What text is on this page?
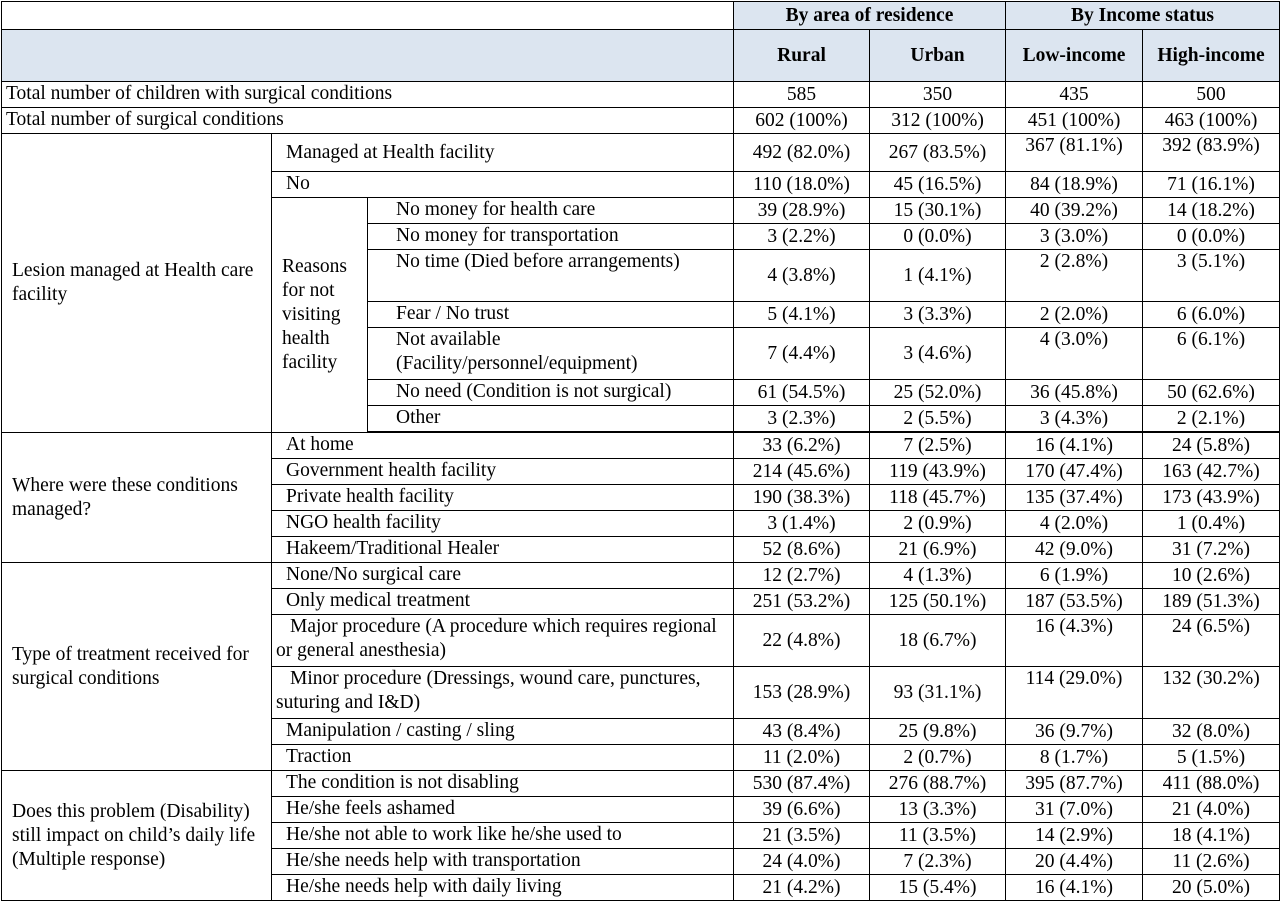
			By area of residence		By Income status	
			Rural	Urban	Low-income	High-income
Total number of children with surgical conditions			585	350	435	500
Total number of surgical conditions			602 (100%)	312 (100%)	451 (100%)	463 (100%)
Lesion managed at Health care facility	Managed at Health facility		492 (82.0%)	267 (83.5%)	367 (81.1%)	392 (83.9%)
	No		110 (18.0%)	45 (16.5%)	84 (18.9%)	71 (16.1%)
	Reasons for not visiting health facility	No money for health care	39 (28.9%)	15 (30.1%)	40 (39.2%)	14 (18.2%)
		No money for transportation	3 (2.2%)	0 (0.0%)	3 (3.0%)	0 (0.0%)
		No time (Died before arrangements)	4 (3.8%)	1 (4.1%)	2 (2.8%)	3 (5.1%)
		Fear / No trust	5 (4.1%)	3 (3.3%)	2 (2.0%)	6 (6.0%)
		Not available (Facility/personnel/equipment)	7 (4.4%)	3 (4.6%)	4 (3.0%)	6 (6.1%)
		No need (Condition is not surgical)	61 (54.5%)	25 (52.0%)	36 (45.8%)	50 (62.6%)
		Other	3 (2.3%)	2 (5.5%)	3 (4.3%)	2 (2.1%)

Where were these conditions managed?	At home		33 (6.2%)	7 (2.5%)	16 (4.1%)	24 (5.8%)
	Government health facility		214 (45.6%)	119 (43.9%)	170 (47.4%)	163 (42.7%)
	Private health facility		190 (38.3%)	118 (45.7%)	135 (37.4%)	173 (43.9%)
	NGO health facility		3 (1.4%)	2 (0.9%)	4 (2.0%)	1 (0.4%)
	Hakeem/Traditional Healer		52 (8.6%)	21 (6.9%)	42 (9.0%)	31 (7.2%)
Type of treatment received for surgical conditions	None/No surgical care		12 (2.7%)	4 (1.3%)	6 (1.9%)	10 (2.6%)
	Only medical treatment		251 (53.2%)	125 (50.1%)	187 (53.5%)	189 (51.3%)
	Major procedure (A procedure which requires regional or general anesthesia)		22 (4.8%)	18 (6.7%)	16 (4.3%)	24 (6.5%)
	Minor procedure (Dressings, wound care, punctures, suturing and I&D)		153 (28.9%)	93 (31.1%)	114 (29.0%)	132 (30.2%)
	Manipulation / casting / sling		43 (8.4%)	25 (9.8%)	36 (9.7%)	32 (8.0%)
	Traction		11 (2.0%)	2 (0.7%)	8 (1.7%)	5 (1.5%)
Does this problem (Disability) still impact on child’s daily life (Multiple response)	The condition is not disabling		530 (87.4%)	276 (88.7%)	395 (87.7%)	411 (88.0%)
	He/she feels ashamed		39 (6.6%)	13 (3.3%)	31 (7.0%)	21 (4.0%)
	He/she not able to work like he/she used to		21 (3.5%)	11 (3.5%)	14 (2.9%)	18 (4.1%)
	He/she needs help with transportation		24 (4.0%)	7 (2.3%)	20 (4.4%)	11 (2.6%)
	He/she needs help with daily living		21 (4.2%)	15 (5.4%)	16 (4.1%)	20 (5.0%)
